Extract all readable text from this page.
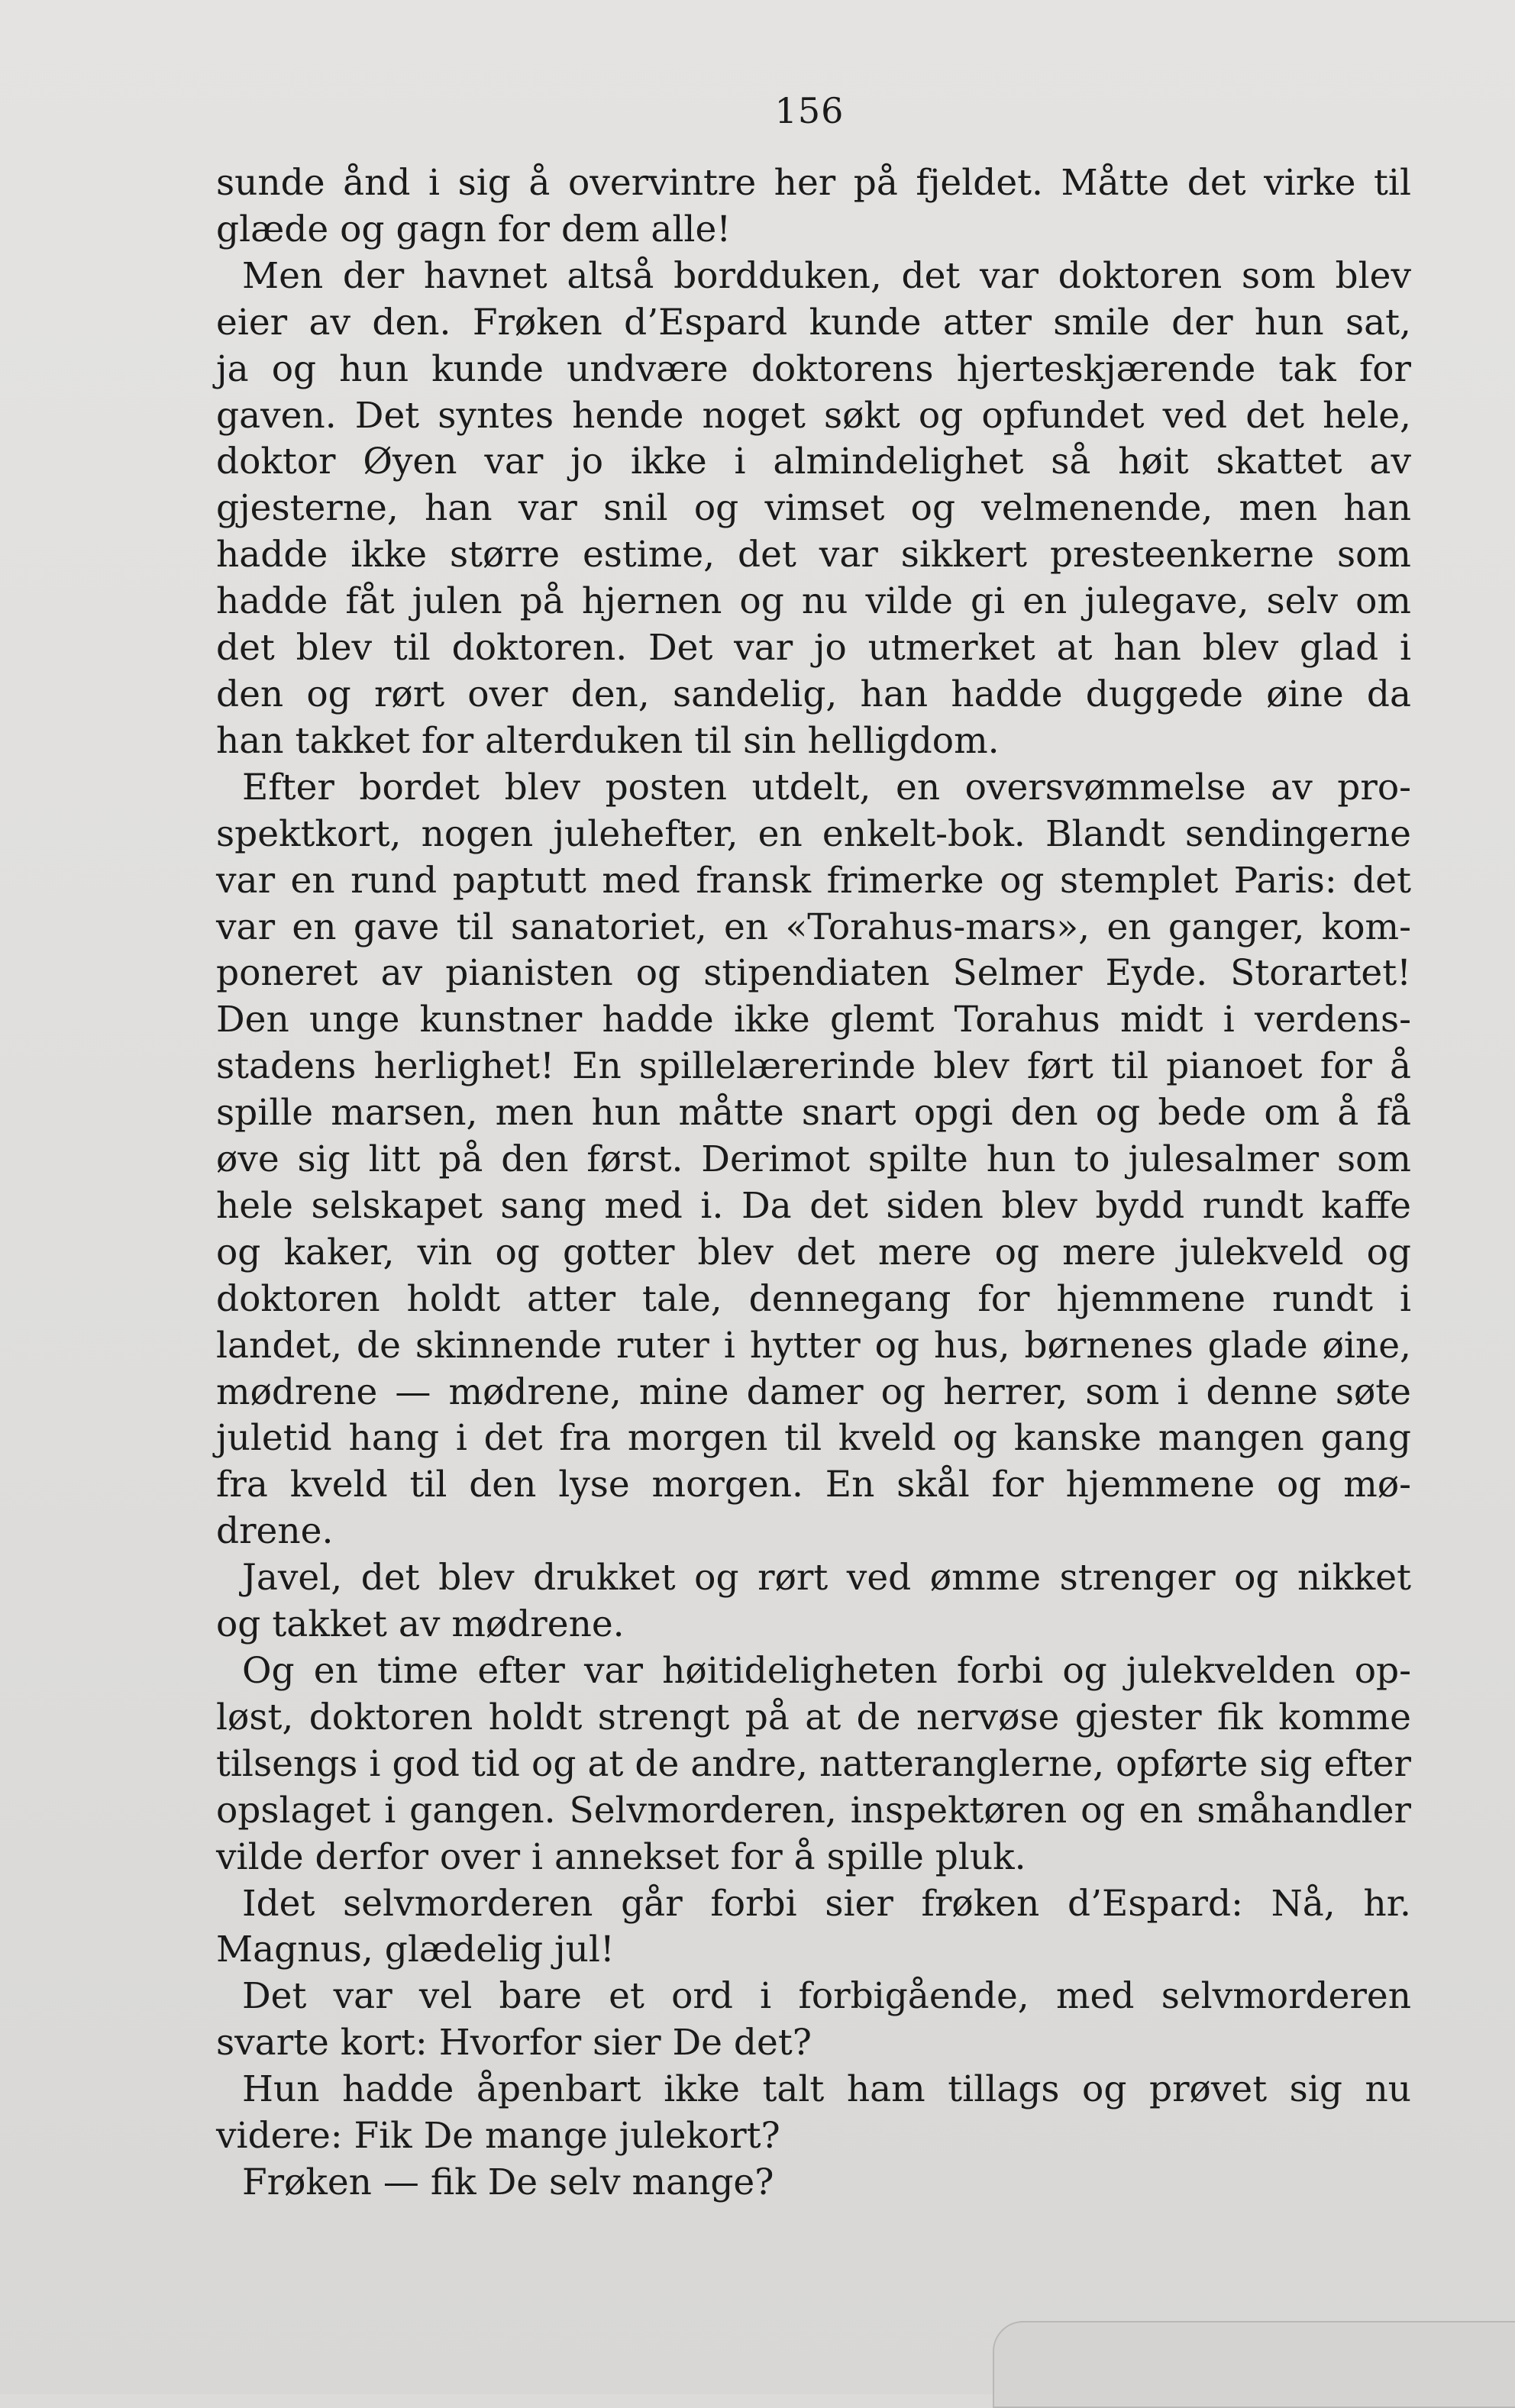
156
sunde ånd i sig å overvintre her på fjeldet. Måtte det virke til
glæde og gagn for dem alle!
Men der havnet altså bordduken, det var doktoren som blev
eier av den. Frøken d’Espard kunde atter smile der hun sat,
ja og hun kunde undvære doktorens hjerteskjærende tak for
gaven. Det syntes hende noget søkt og opfundet ved det hele,
doktor Øyen var jo ikke i almindelighet så høit skattet av
gjesterne, han var snil og vimset og velmenende, men han
hadde ikke større estime, det var sikkert presteenkerne som
hadde fåt julen på hjernen og nu vilde gi en julegave, selv om
det blev til doktoren. Det var jo utmerket at han blev glad i
den og rørt over den, sandelig, han hadde duggede øine da
han takket for alterduken til sin helligdom.
Efter bordet blev posten utdelt, en oversvømmelse av pro-
spektkort, nogen julehefter, en enkelt-bok. Blandt sendingerne
var en rund paptutt med fransk frimerke og stemplet Paris: det
var en gave til sanatoriet, en «Torahus-mars», en ganger, kom-
poneret av pianisten og stipendiaten Selmer Eyde. Storartet!
Den unge kunstner hadde ikke glemt Torahus midt i verdens-
stadens herlighet! En spillelærerinde blev ført til pianoet for å
spille marsen, men hun måtte snart opgi den og bede om å få
øve sig litt på den først. Derimot spilte hun to julesalmer som
hele selskapet sang med i. Da det siden blev bydd rundt kaffe
og kaker, vin og gotter blev det mere og mere julekveld og
doktoren holdt atter tale, dennegang for hjemmene rundt i
landet, de skinnende ruter i hytter og hus, børnenes glade øine,
mødrene — mødrene, mine damer og herrer, som i denne søte
juletid hang i det fra morgen til kveld og kanske mangen gang
fra kveld til den lyse morgen. En skål for hjemmene og mø-
drene.
Javel, det blev drukket og rørt ved ømme strenger og nikket
og takket av mødrene.
Og en time efter var høitideligheten forbi og julekvelden op-
løst, doktoren holdt strengt på at de nervøse gjester fik komme
tilsengs i god tid og at de andre, natteranglerne, opførte sig efter
opslaget i gangen. Selvmorderen, inspektøren og en småhandler
vilde derfor over i annekset for å spille pluk.
Idet selvmorderen går forbi sier frøken d’Espard: Nå, hr.
Magnus, glædelig jul!
Det var vel bare et ord i forbigående, med selvmorderen
svarte kort: Hvorfor sier De det?
Hun hadde åpenbart ikke talt ham tillags og prøvet sig nu
videre: Fik De mange julekort?
Frøken — fik De selv mange?
